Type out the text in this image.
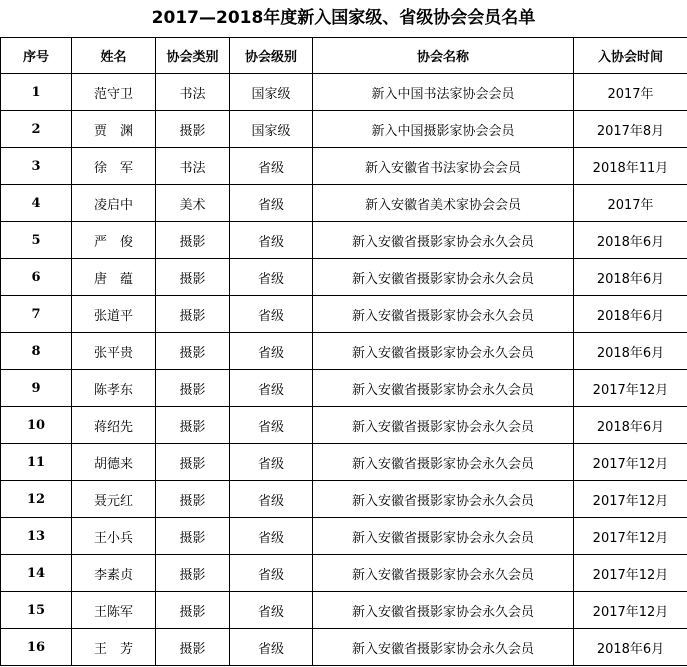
2017—2018年度新入国家级、省级协会会员名单
序号	姓名	协会类别	协会级别	协会名称	入协会时间
1	范守卫	书法	国家级	新入中国书法家协会会员	2017年
2	贾　渊	摄影	国家级	新入中国摄影家协会会员	2017年8月
3	徐　军	书法	省级	新入安徽省书法家协会会员	2018年11月
4	凌启中	美术	省级	新入安徽省美术家协会会员	2017年
5	严　俊	摄影	省级	新入安徽省摄影家协会永久会员	2018年6月
6	唐　蕴	摄影	省级	新入安徽省摄影家协会永久会员	2018年6月
7	张道平	摄影	省级	新入安徽省摄影家协会永久会员	2018年6月
8	张平贵	摄影	省级	新入安徽省摄影家协会永久会员	2018年6月
9	陈孝东	摄影	省级	新入安徽省摄影家协会永久会员	2017年12月
10	蒋绍先	摄影	省级	新入安徽省摄影家协会永久会员	2018年6月
11	胡德来	摄影	省级	新入安徽省摄影家协会永久会员	2017年12月
12	聂元红	摄影	省级	新入安徽省摄影家协会永久会员	2017年12月
13	王小兵	摄影	省级	新入安徽省摄影家协会永久会员	2017年12月
14	李素贞	摄影	省级	新入安徽省摄影家协会永久会员	2017年12月
15	王陈军	摄影	省级	新入安徽省摄影家协会永久会员	2017年12月
16	王　芳	摄影	省级	新入安徽省摄影家协会永久会员	2018年6月
